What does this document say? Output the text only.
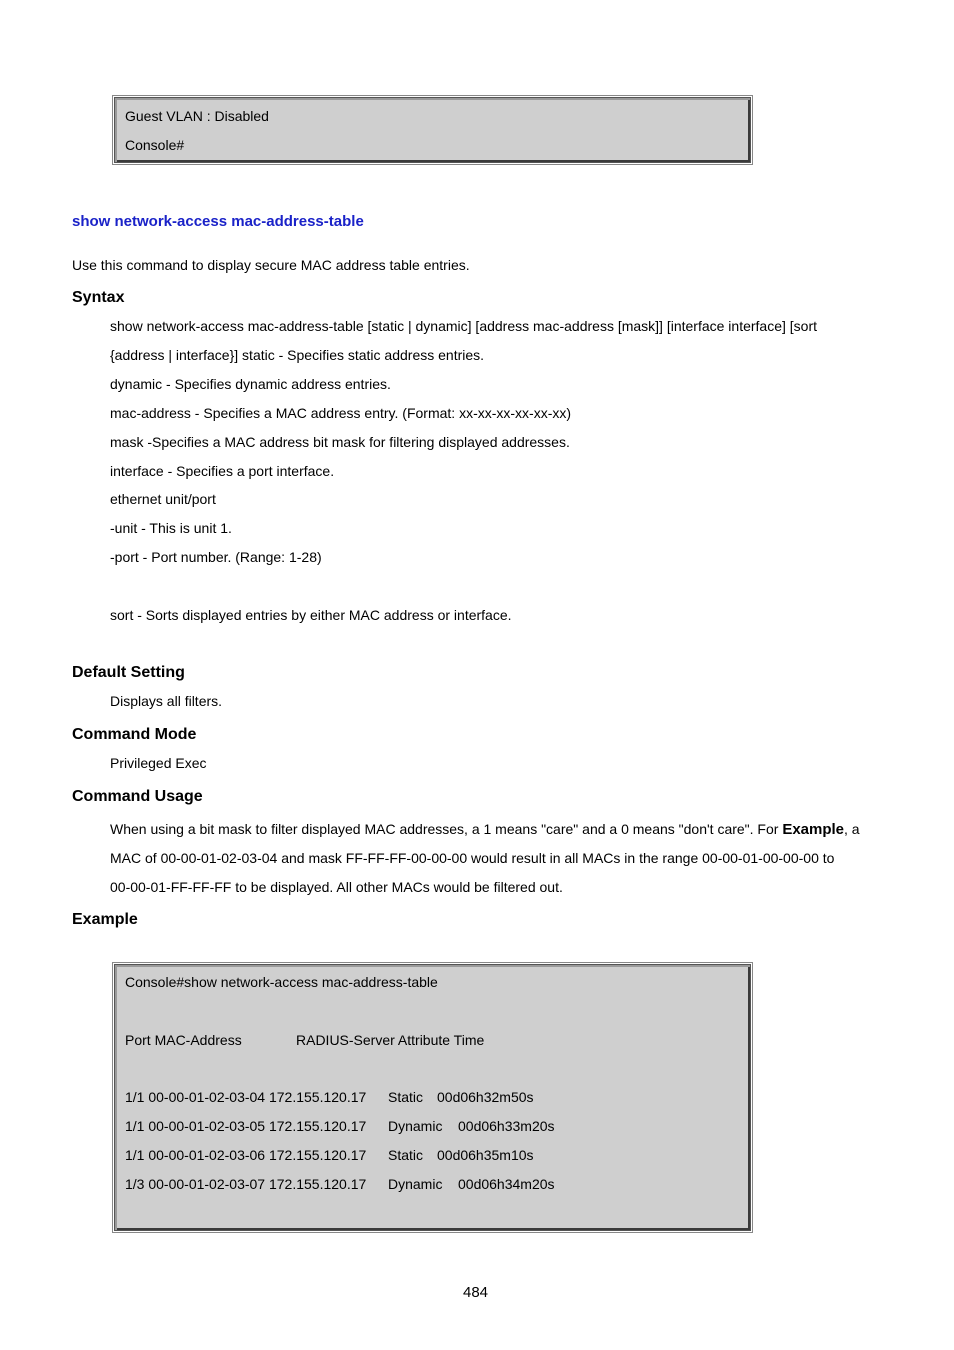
Guest VLAN : Disabled
Console#
show network-access mac-address-table
Use this command to display secure MAC address table entries.
Syntax
show network-access mac-address-table [static | dynamic] [address mac-address [mask]] [interface interface] [sort
{address | interface}] static - Specifies static address entries.
dynamic - Specifies dynamic address entries.
mac-address - Specifies a MAC address entry. (Format: xx-xx-xx-xx-xx-xx)
mask -Specifies a MAC address bit mask for filtering displayed addresses.
interface - Specifies a port interface.
ethernet unit/port
-unit - This is unit 1.
-port - Port number. (Range: 1-28)
sort - Sorts displayed entries by either MAC address or interface.
Default Setting
Displays all filters.
Command Mode
Privileged Exec
Command Usage
When using a bit mask to filter displayed MAC addresses, a 1 means "care" and a 0 means "don't care". For Example, a
MAC of 00-00-01-02-03-04 and mask FF-FF-FF-00-00-00 would result in all MACs in the range 00-00-01-00-00-00 to
00-00-01-FF-FF-FF to be displayed. All other MACs would be filtered out.
Example
Console#show network-access mac-address-table
Port MAC-Address	RADIUS-Server Attribute Time
1/1 00-00-01-02-03-04 172.155.120.17 Static 00d06h32m50s
1/1 00-00-01-02-03-05 172.155.120.17 Dynamic 00d06h33m20s
1/1 00-00-01-02-03-06 172.155.120.17 Static 00d06h35m10s
1/3 00-00-01-02-03-07 172.155.120.17 Dynamic 00d06h34m20s
484
